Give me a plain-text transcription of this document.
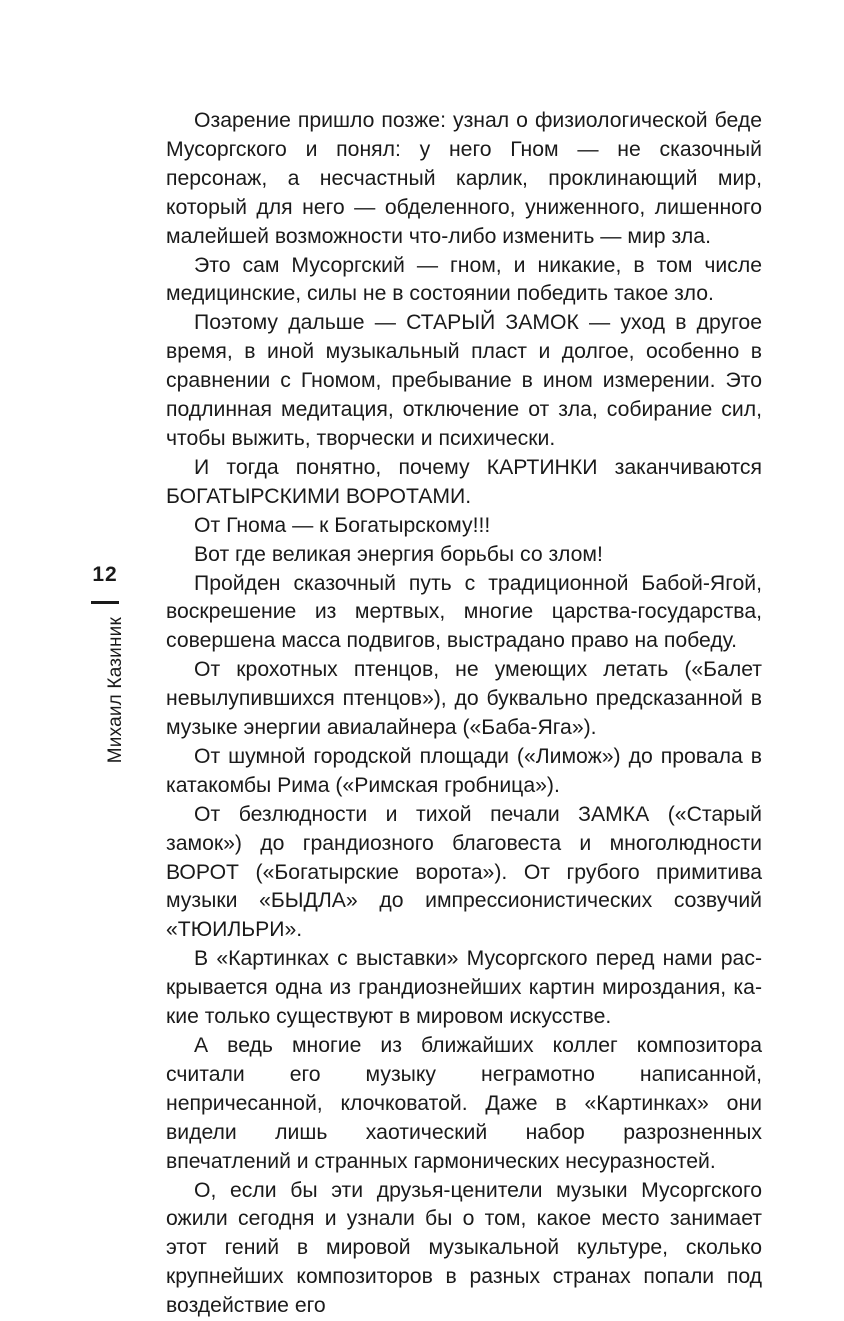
12
Михаил Казиник

Озарение пришло позже: узнал о физиологической беде Мусоргского и понял: у него Гном — не сказочный персонаж, а несчастный карлик, проклинающий мир, который для него — обделенного, униженного, лишенного малейшей возможности что-либо изменить — мир зла.

Это сам Мусоргский — гном, и никакие, в том числе медицинские, силы не в состоянии победить такое зло.

Поэтому дальше — СТАРЫЙ ЗАМОК — уход в другое время, в иной музыкальный пласт и долгое, особенно в сравнении с Гномом, пребывание в ином измерении. Это подлинная медитация, отключение от зла, собирание сил, чтобы выжить, творчески и психически.

И тогда понятно, почему КАРТИНКИ заканчиваются БОГАТЫРСКИМИ ВОРОТАМИ.

От Гнома — к Богатырскому!!!

Вот где великая энергия борьбы со злом!

Пройден сказочный путь с традиционной Бабой-Ягой, воскрешение из мертвых, многие царства-государства, совершена масса подвигов, выстрадано право на победу.

От крохотных птенцов, не умеющих летать («Балет невылупившихся птенцов»), до буквально предсказанной в музыке энергии авиалайнера («Баба-Яга»).

От шумной городской площади («Лимож») до провала в катакомбы Рима («Римская гробница»).

От безлюдности и тихой печали ЗАМКА («Старый замок») до грандиозного благовеста и многолюдности ВОРОТ («Богатырские ворота»). От грубого примитива музыки «БЫДЛА» до импрессионистических созвучий «ТЮИЛЬРИ».

В «Картинках с выставки» Мусоргского перед нами раскрывается одна из грандиознейших картин мироздания, какие только существуют в мировом искусстве.

А ведь многие из ближайших коллег композитора считали его музыку неграмотно написанной, непричесанной, клочковатой. Даже в «Картинках» они видели лишь хаотический набор разрозненных впечатлений и странных гармонических несуразностей.

О, если бы эти друзья-ценители музыки Мусоргского ожили сегодня и узнали бы о том, какое место занимает этот гений в мировой музыкальной культуре, сколько крупнейших композиторов в разных странах попали под воздействие его
